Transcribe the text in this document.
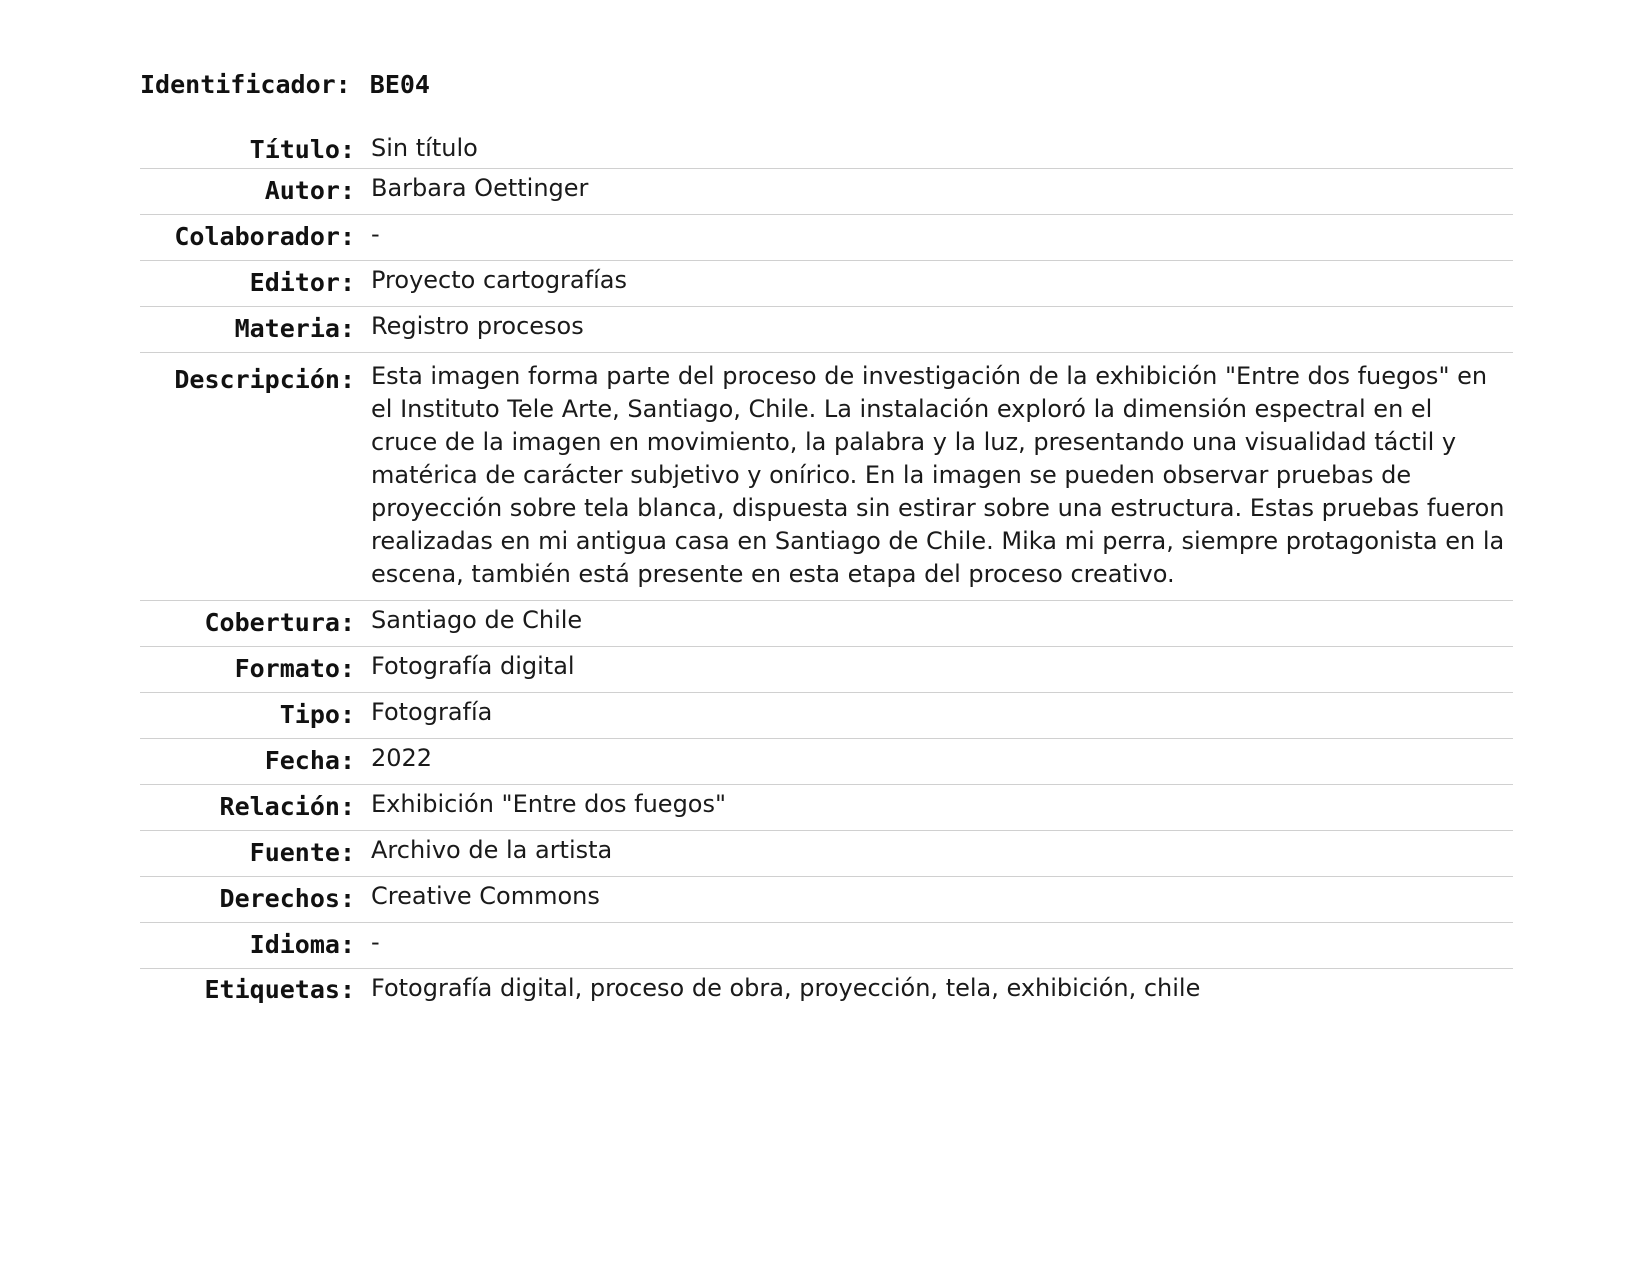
Identificador: BE04
Título:	Sin título
Autor:	Barbara Oettinger
Colaborador:	-
Editor:	Proyecto cartografías
Materia:	Registro procesos
Descripción:	Esta imagen forma parte del proceso de investigación de la exhibición "Entre dos fuegos" en el Instituto Tele Arte, Santiago, Chile. La instalación exploró la dimensión espectral en el cruce de la imagen en movimiento, la palabra y la luz, presentando una visualidad táctil y matérica de carácter subjetivo y onírico. En la imagen se pueden observar pruebas de proyección sobre tela blanca, dispuesta sin estirar sobre una estructura. Estas pruebas fueron realizadas en mi antigua casa en Santiago de Chile. Mika mi perra, siempre protagonista en la escena, también está presente en esta etapa del proceso creativo.
Cobertura:	Santiago de Chile
Formato:	Fotografía digital
Tipo:	Fotografía
Fecha:	2022
Relación:	Exhibición "Entre dos fuegos"
Fuente:	Archivo de la artista
Derechos:	Creative Commons
Idioma:	-
Etiquetas:	Fotografía digital, proceso de obra, proyección, tela, exhibición, chile
